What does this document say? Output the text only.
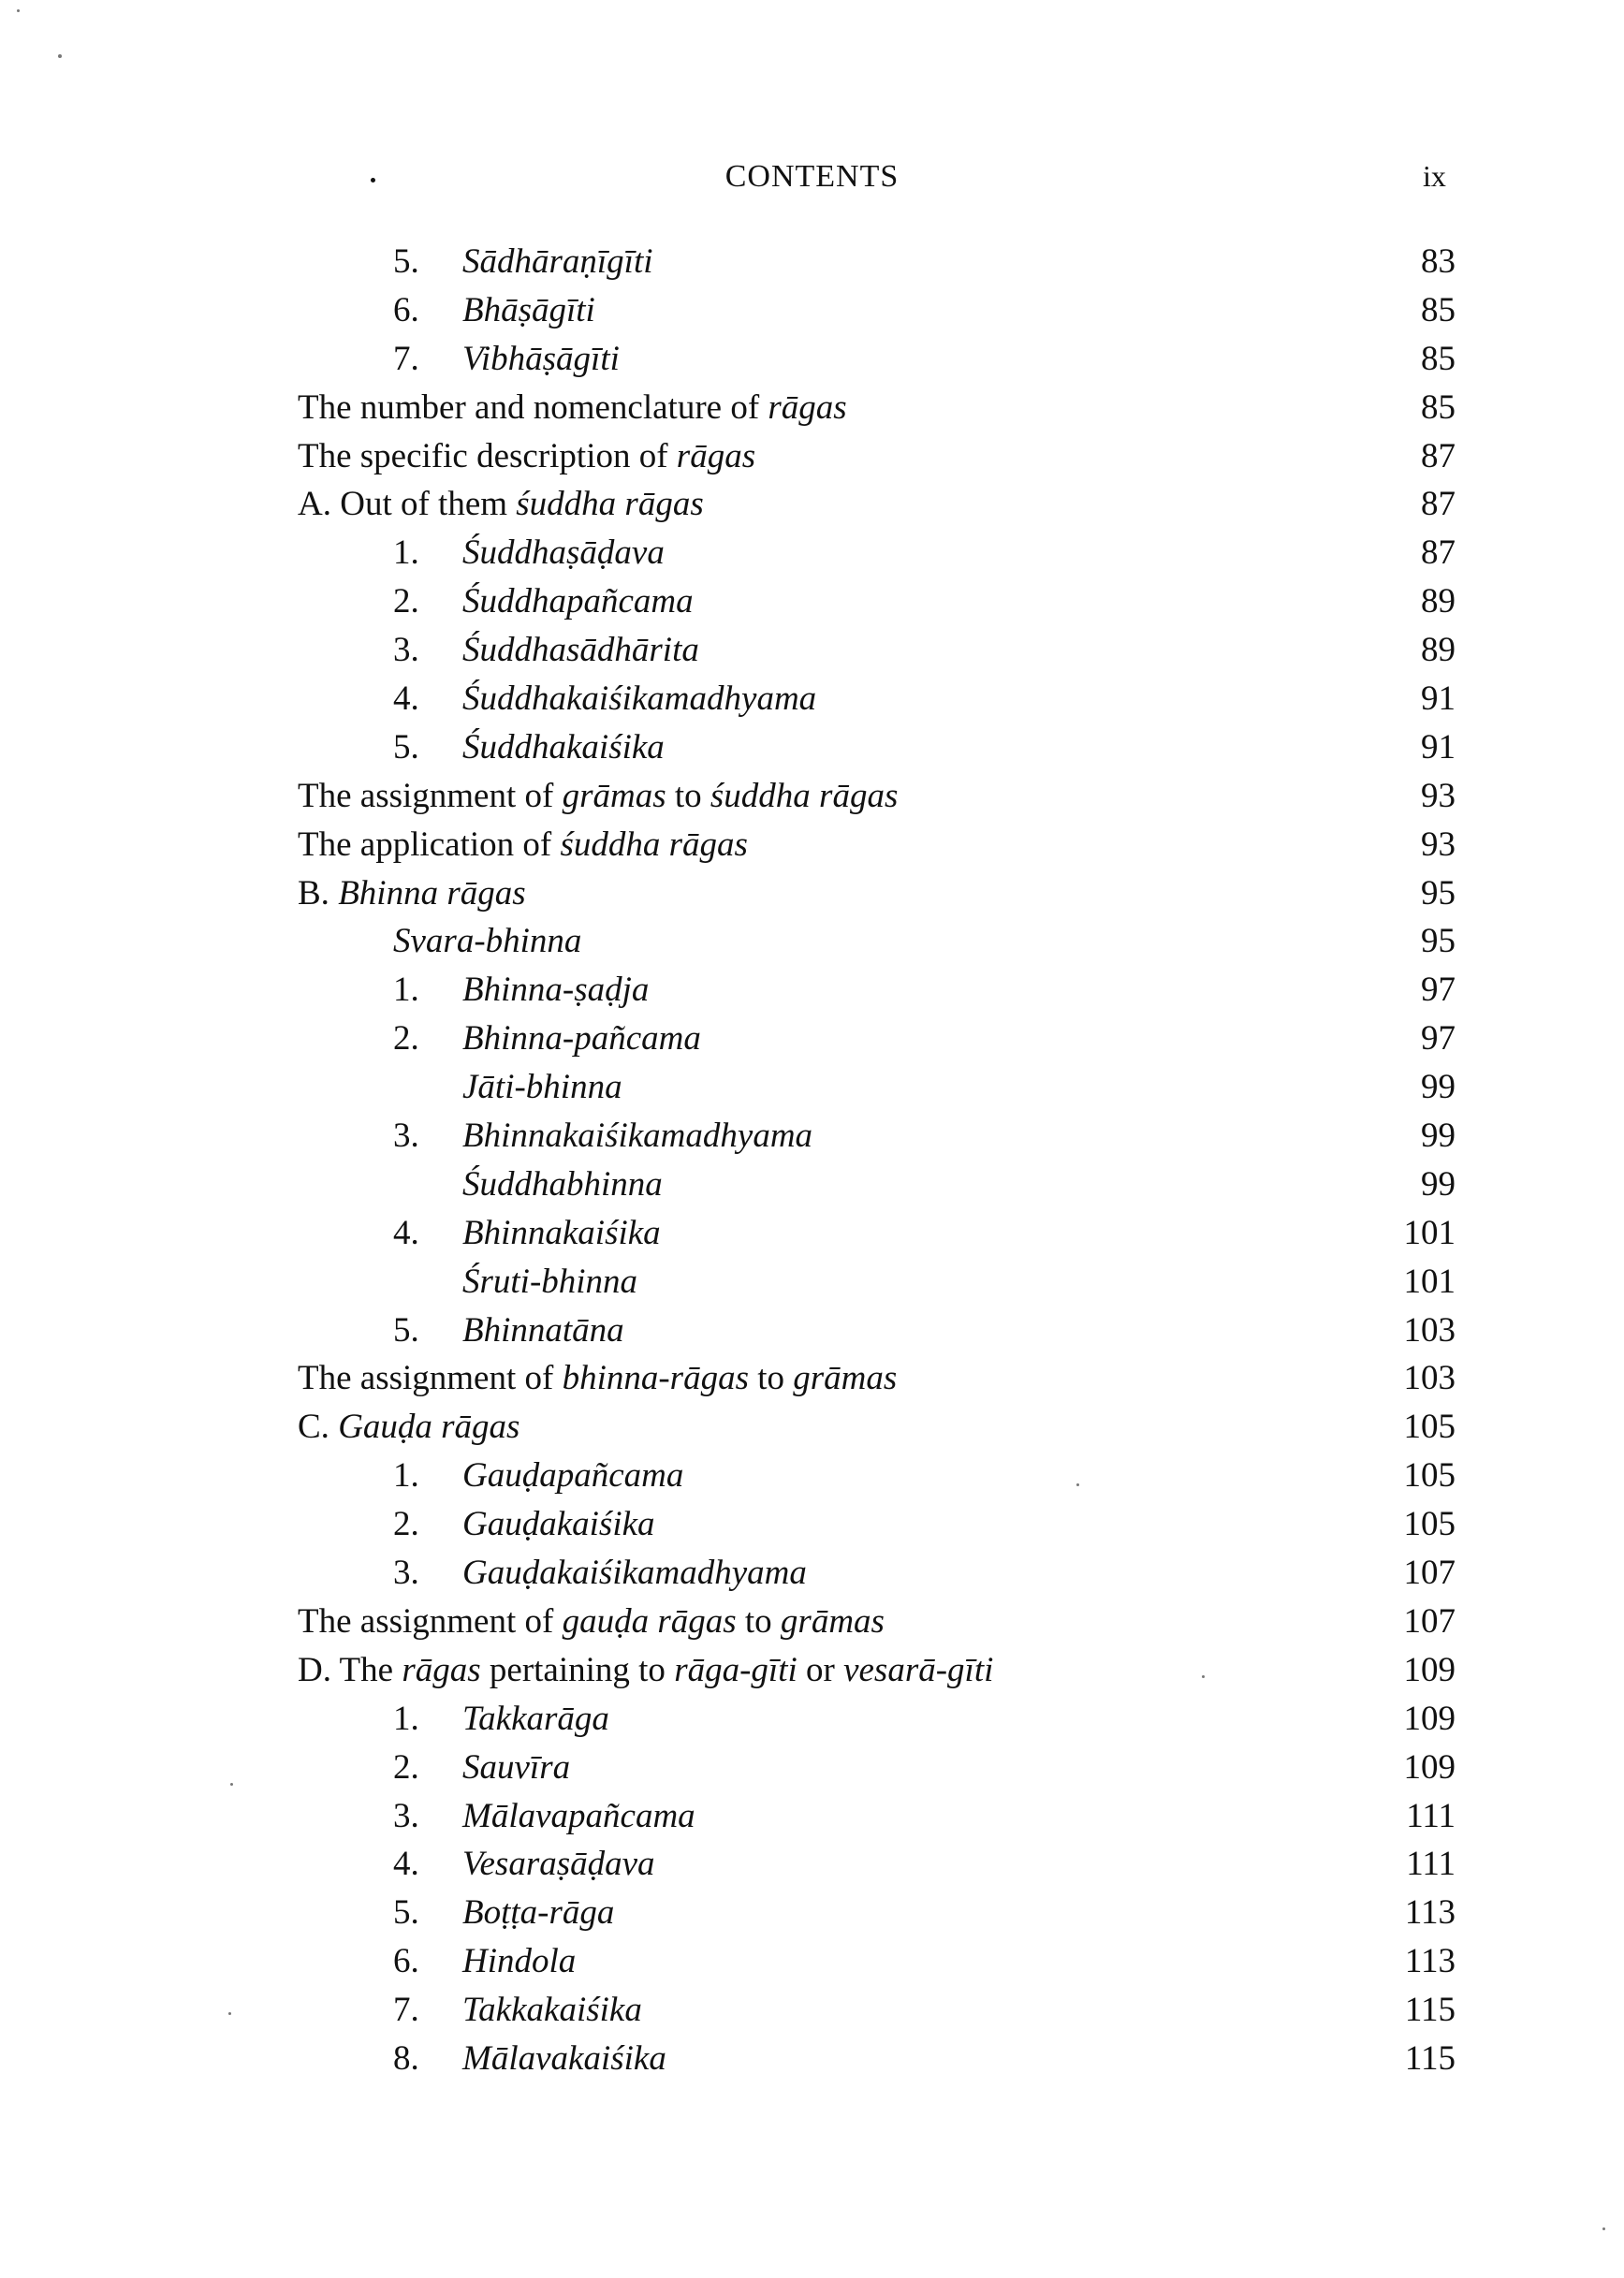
CONTENTS	ix
5.	Sādhāraṇīgīti	83
6.	Bhāṣāgīti	85
7.	Vibhāṣāgīti	85
The number and nomenclature of rāgas	85
The specific description of rāgas	87
A. Out of them śuddha rāgas	87
1.	Śuddhaṣāḍava	87
2.	Śuddhapañcama	89
3.	Śuddhasādhārita	89
4.	Śuddhakaiśikamadhyama	91
5.	Śuddhakaiśika	91
The assignment of grāmas to śuddha rāgas	93
The application of śuddha rāgas	93
B. Bhinna rāgas	95
Svara-bhinna	95
1.	Bhinna-ṣaḍja	97
2.	Bhinna-pañcama	97
Jāti-bhinna	99
3.	Bhinnakaiśikamadhyama	99
Śuddhabhinna	99
4.	Bhinnakaiśika	101
Śruti-bhinna	101
5.	Bhinnatāna	103
The assignment of bhinna-rāgas to grāmas	103
C. Gauḍa rāgas	105
1.	Gauḍapañcama	105
2.	Gauḍakaiśika	105
3.	Gauḍakaiśikamadhyama	107
The assignment of gauḍa rāgas to grāmas	107
D. The rāgas pertaining to rāga-gīti or vesarā-gīti	109
1.	Takkarāga	109
2.	Sauvīra	109
3.	Mālavapañcama	111
4.	Vesaraṣāḍava	111
5.	Boṭṭa-rāga	113
6.	Hindola	113
7.	Takkakaiśika	115
8.	Mālavakaiśika	115
